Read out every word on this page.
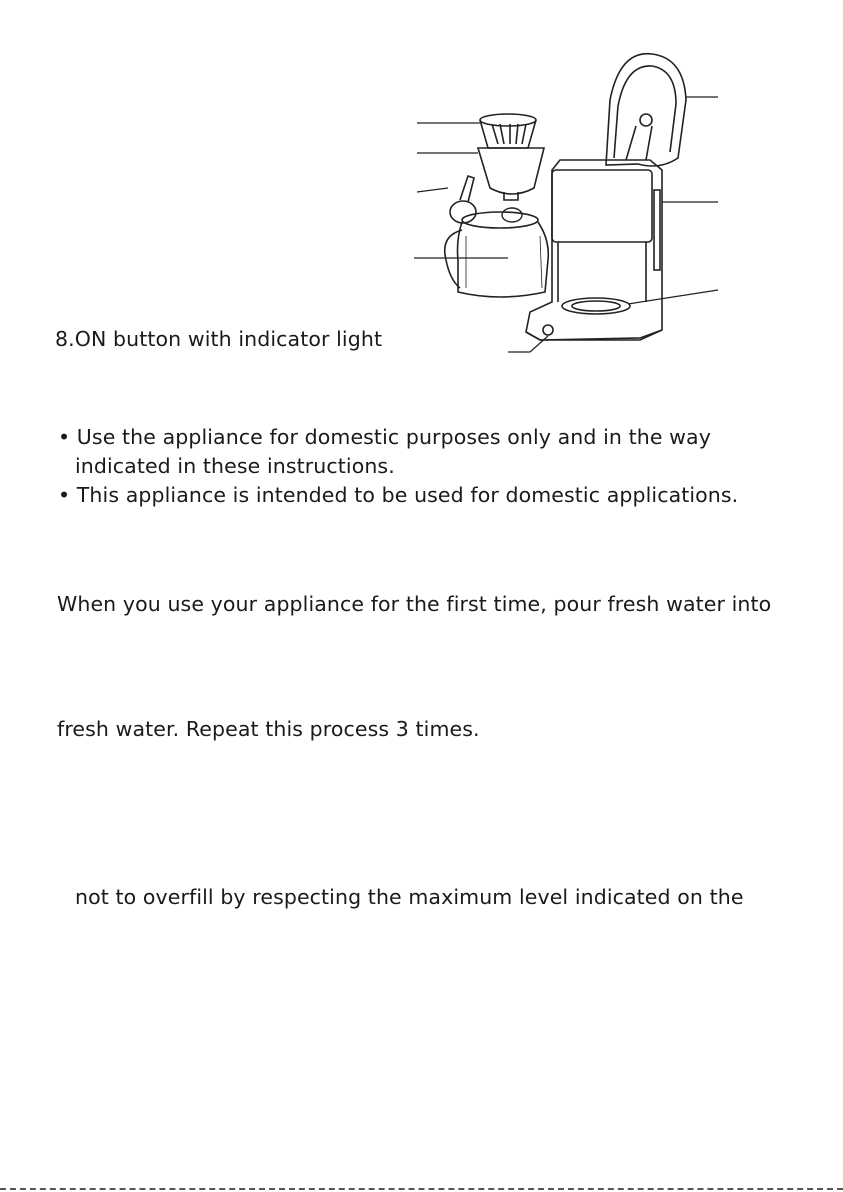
8.ON button with indicator light
• Use the appliance for domestic purposes only and in the way
indicated in these instructions.
• This appliance is intended to be used for domestic applications.
When you use your appliance for the first time, pour fresh water into
fresh water. Repeat this process 3 times.
not to overfill by respecting the maximum level indicated on the
